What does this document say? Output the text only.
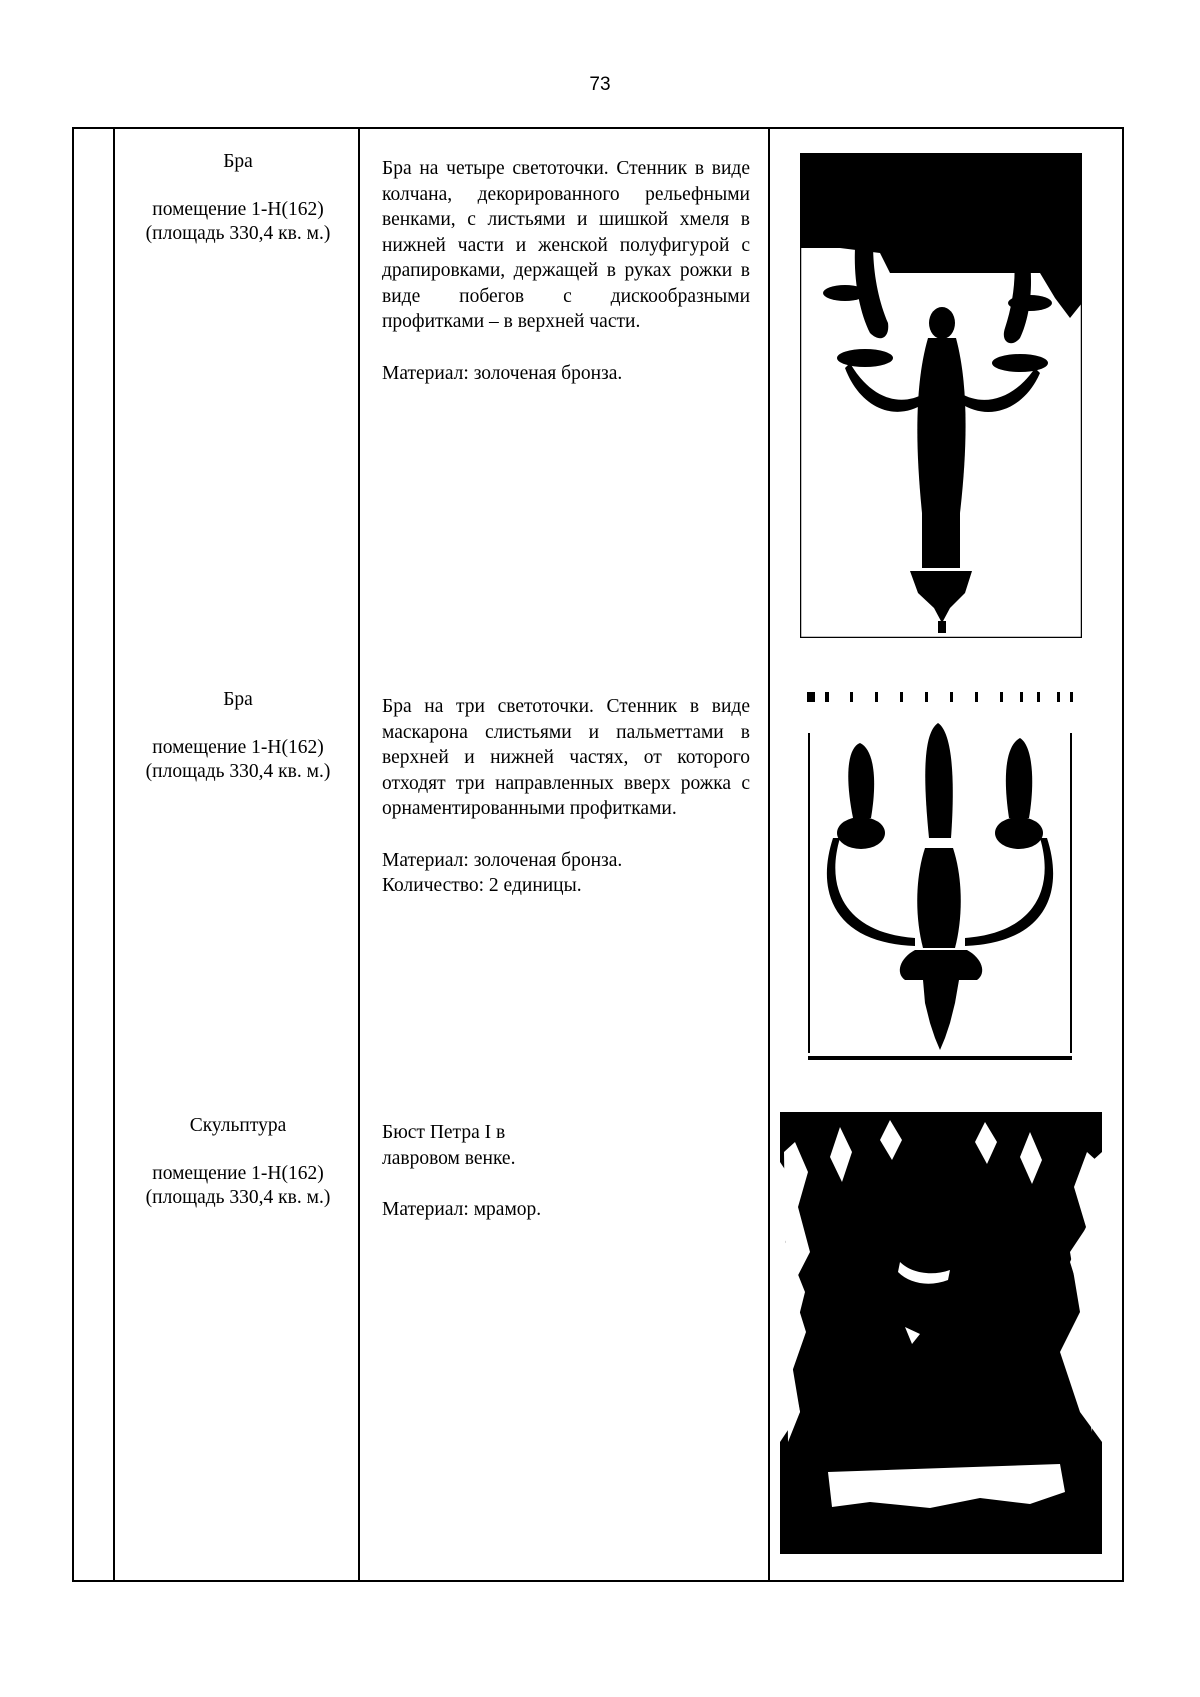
73
Бра
помещение 1-Н(162)
(площадь 330,4 кв. м.)

Бра на четыре светоточки. Стенник в виде колчана, декорированного рельефными венками, с листьями и шишкой хмеля в нижней части и женской полуфигурой с драпировками, держащей в руках рожки в виде побегов с дискообразными профитками – в верхней части.

Материал: золоченая бронза.

Бра
помещение 1-Н(162)
(площадь 330,4 кв. м.)

Бра на три светоточки. Стенник в виде маскарона слистьями и пальметтами в верхней и нижней частях, от которого отходят три направленных вверх рожка с орнаментированными профитками.

Материал: золоченая бронза.

Количество: 2 единицы.

Скульптура
помещение 1-Н(162)
(площадь 330,4 кв. м.)

Бюст Петра I в

лавровом венке.

Материал: мрамор.
